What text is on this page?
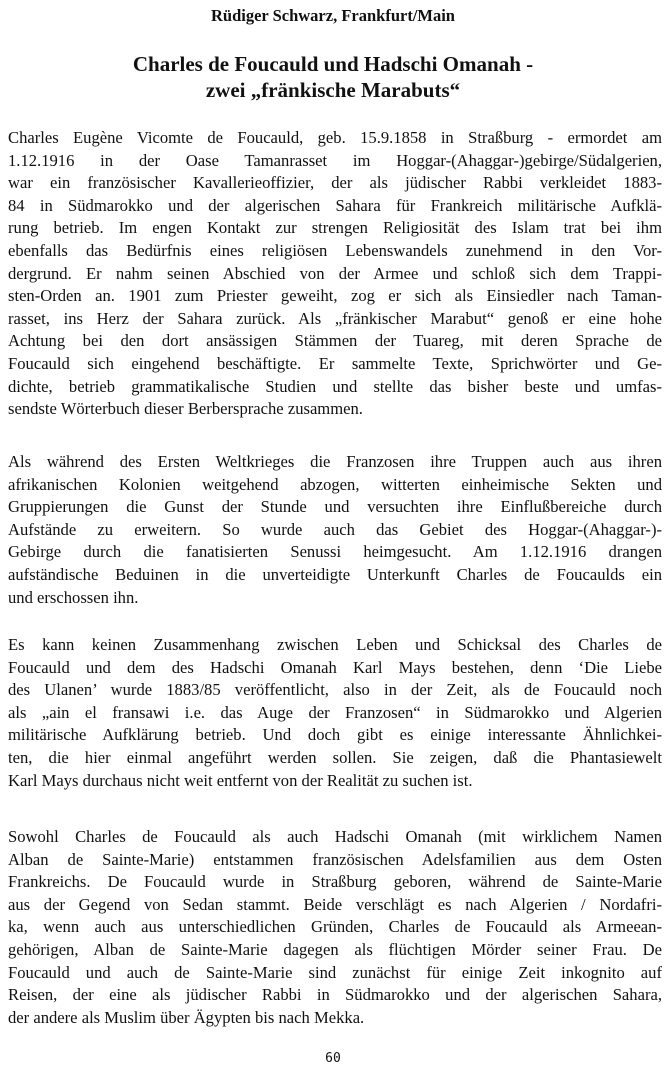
Rüdiger Schwarz, Frankfurt/Main
Charles de Foucauld und Hadschi Omanah -
zwei „fränkische Marabuts“
Charles Eugène Vicomte de Foucauld, geb. 15.9.1858 in Straßburg - ermordet am
1.12.1916 in der Oase Tamanrasset im Hoggar-(Ahaggar-)gebirge/Südalgerien,
war ein französischer Kavallerieoffizier, der als jüdischer Rabbi verkleidet 1883-
84 in Südmarokko und der algerischen Sahara für Frankreich militärische Aufklä-
rung betrieb. Im engen Kontakt zur strengen Religiosität des Islam trat bei ihm
ebenfalls das Bedürfnis eines religiösen Lebenswandels zunehmend in den Vor-
dergrund. Er nahm seinen Abschied von der Armee und schloß sich dem Trappi-
sten-Orden an. 1901 zum Priester geweiht, zog er sich als Einsiedler nach Taman-
rasset, ins Herz der Sahara zurück. Als „fränkischer Marabut“ genoß er eine hohe
Achtung bei den dort ansässigen Stämmen der Tuareg, mit deren Sprache de
Foucauld sich eingehend beschäftigte. Er sammelte Texte, Sprichwörter und Ge-
dichte, betrieb grammatikalische Studien und stellte das bisher beste und umfas-
sendste Wörterbuch dieser Berbersprache zusammen.
Als während des Ersten Weltkrieges die Franzosen ihre Truppen auch aus ihren
afrikanischen Kolonien weitgehend abzogen, witterten einheimische Sekten und
Gruppierungen die Gunst der Stunde und versuchten ihre Einflußbereiche durch
Aufstände zu erweitern. So wurde auch das Gebiet des Hoggar-(Ahaggar-)-
Gebirge durch die fanatisierten Senussi heimgesucht. Am 1.12.1916 drangen
aufständische Beduinen in die unverteidigte Unterkunft Charles de Foucaulds ein
und erschossen ihn.
Es kann keinen Zusammenhang zwischen Leben und Schicksal des Charles de
Foucauld und dem des Hadschi Omanah Karl Mays bestehen, denn ‘Die Liebe
des Ulanen’ wurde 1883/85 veröffentlicht, also in der Zeit, als de Foucauld noch
als „ain el fransawi i.e. das Auge der Franzosen“ in Südmarokko und Algerien
militärische Aufklärung betrieb. Und doch gibt es einige interessante Ähnlichkei-
ten, die hier einmal angeführt werden sollen. Sie zeigen, daß die Phantasiewelt
Karl Mays durchaus nicht weit entfernt von der Realität zu suchen ist.
Sowohl Charles de Foucauld als auch Hadschi Omanah (mit wirklichem Namen
Alban de Sainte-Marie) entstammen französischen Adelsfamilien aus dem Osten
Frankreichs. De Foucauld wurde in Straßburg geboren, während de Sainte-Marie
aus der Gegend von Sedan stammt. Beide verschlägt es nach Algerien / Nordafri-
ka, wenn auch aus unterschiedlichen Gründen, Charles de Foucauld als Armeean-
gehörigen, Alban de Sainte-Marie dagegen als flüchtigen Mörder seiner Frau. De
Foucauld und auch de Sainte-Marie sind zunächst für einige Zeit inkognito auf
Reisen, der eine als jüdischer Rabbi in Südmarokko und der algerischen Sahara,
der andere als Muslim über Ägypten bis nach Mekka.
60
